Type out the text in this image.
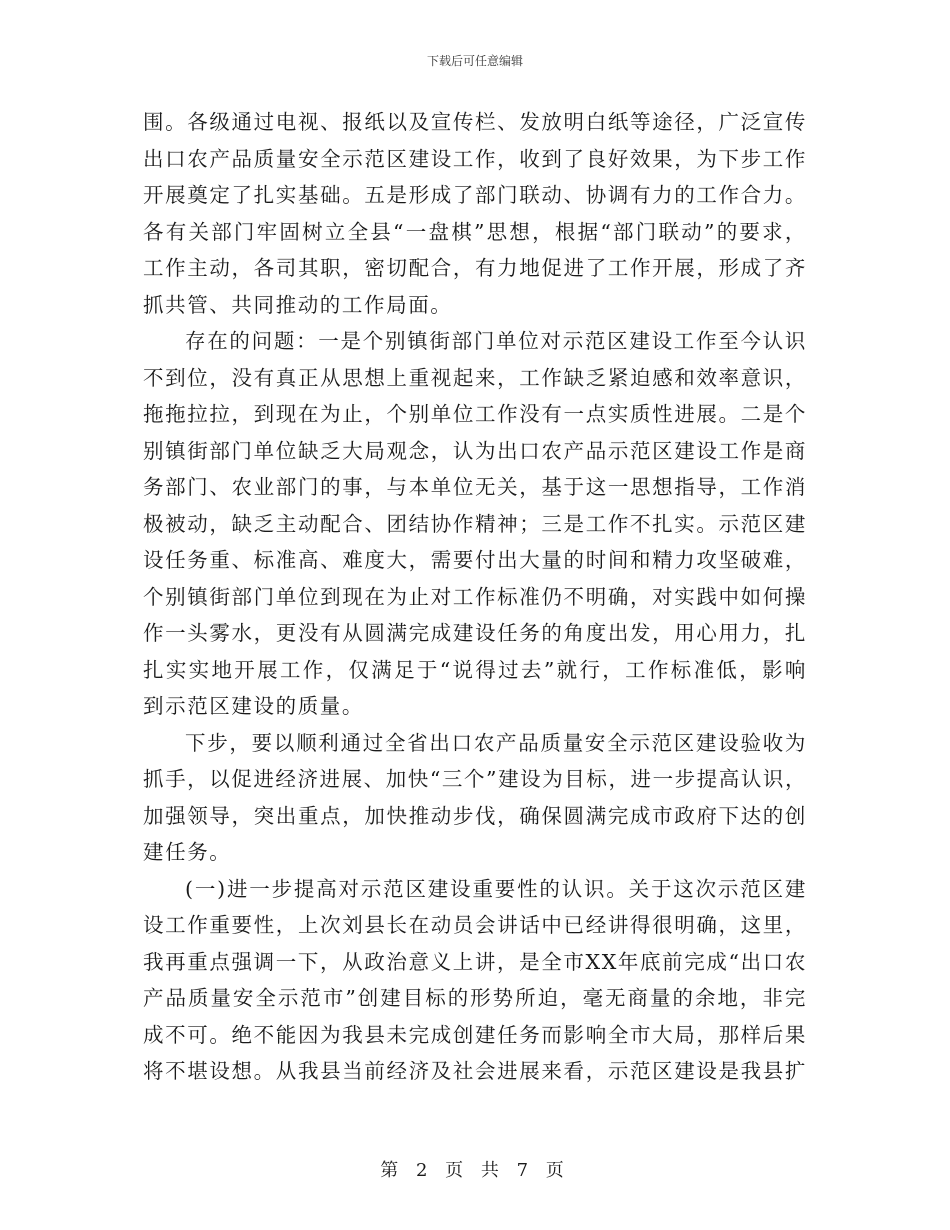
下载后可任意编辑
围。各级通过电视、报纸以及宣传栏、发放明白纸等途径，广泛宣传
出口农产品质量安全示范区建设工作，收到了良好效果，为下步工作
开展奠定了扎实基础。五是形成了部门联动、协调有力的工作合力。
各有关部门牢固树立全县“一盘棋”思想，根据“部门联动”的要求，
工作主动，各司其职，密切配合，有力地促进了工作开展，形成了齐
抓共管、共同推动的工作局面。
存在的问题：一是个别镇街部门单位对示范区建设工作至今认识
不到位，没有真正从思想上重视起来，工作缺乏紧迫感和效率意识，
拖拖拉拉，到现在为止，个别单位工作没有一点实质性进展。二是个
别镇街部门单位缺乏大局观念，认为出口农产品示范区建设工作是商
务部门、农业部门的事，与本单位无关，基于这一思想指导，工作消
极被动，缺乏主动配合、团结协作精神；三是工作不扎实。示范区建
设任务重、标准高、难度大，需要付出大量的时间和精力攻坚破难，
个别镇街部门单位到现在为止对工作标准仍不明确，对实践中如何操
作一头雾水，更没有从圆满完成建设任务的角度出发，用心用力，扎
扎实实地开展工作，仅满足于“说得过去”就行，工作标准低，影响
到示范区建设的质量。
下步，要以顺利通过全省出口农产品质量安全示范区建设验收为
抓手，以促进经济进展、加快“三个”建设为目标，进一步提高认识，
加强领导，突出重点，加快推动步伐，确保圆满完成市政府下达的创
建任务。
(一)进一步提高对示范区建设重要性的认识。关于这次示范区建
设工作重要性，上次刘县长在动员会讲话中已经讲得很明确，这里，
我再重点强调一下，从政治意义上讲，是全市XX年底前完成“出口农
产品质量安全示范市”创建目标的形势所迫，毫无商量的余地，非完
成不可。绝不能因为我县未完成创建任务而影响全市大局，那样后果
将不堪设想。从我县当前经济及社会进展来看，示范区建设是我县扩
第 2 页 共 7 页
